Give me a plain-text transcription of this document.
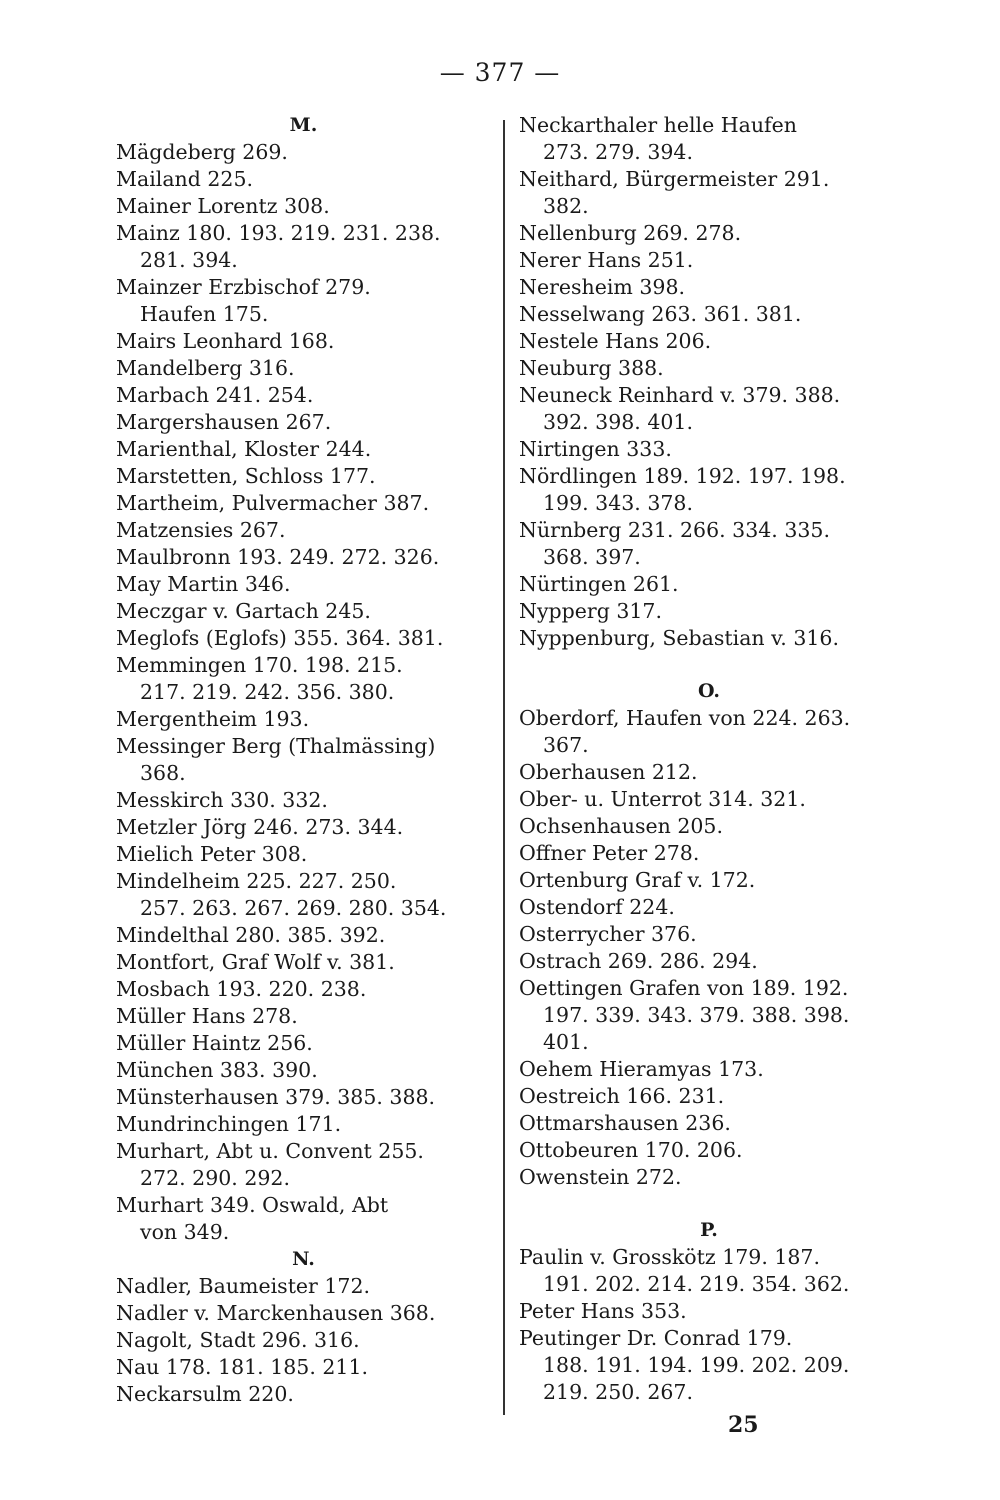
— 377 —
M.
Mägdeberg 269.
Mailand 225.
Mainer Lorentz 308.
Mainz 180. 193. 219. 231. 238.
281. 394.
Mainzer Erzbischof 279.
Haufen 175.
Mairs Leonhard 168.
Mandelberg 316.
Marbach 241. 254.
Margershausen 267.
Marienthal, Kloster 244.
Marstetten, Schloss 177.
Martheim, Pulvermacher 387.
Matzensies 267.
Maulbronn 193. 249. 272. 326.
May Martin 346.
Meczgar v. Gartach 245.
Meglofs (Eglofs) 355. 364. 381.
Memmingen 170. 198. 215.
217. 219. 242. 356. 380.
Mergentheim 193.
Messinger Berg (Thalmässing)
368.
Messkirch 330. 332.
Metzler Jörg 246. 273. 344.
Mielich Peter 308.
Mindelheim 225. 227. 250.
257. 263. 267. 269. 280. 354.
Mindelthal 280. 385. 392.
Montfort, Graf Wolf v. 381.
Mosbach 193. 220. 238.
Müller Hans 278.
Müller Haintz 256.
München 383. 390.
Münsterhausen 379. 385. 388.
Mundrinchingen 171.
Murhart, Abt u. Convent 255.
272. 290. 292.
Murhart 349. Oswald, Abt
von 349.
N.
Nadler, Baumeister 172.
Nadler v. Marckenhausen 368.
Nagolt, Stadt 296. 316.
Nau 178. 181. 185. 211.
Neckarsulm 220.
Neckarthaler helle Haufen
273. 279. 394.
Neithard, Bürgermeister 291.
382.
Nellenburg 269. 278.
Nerer Hans 251.
Neresheim 398.
Nesselwang 263. 361. 381.
Nestele Hans 206.
Neuburg 388.
Neuneck Reinhard v. 379. 388.
392. 398. 401.
Nirtingen 333.
Nördlingen 189. 192. 197. 198.
199. 343. 378.
Nürnberg 231. 266. 334. 335.
368. 397.
Nürtingen 261.
Nypperg 317.
Nyppenburg, Sebastian v. 316.
O.
Oberdorf, Haufen von 224. 263.
367.
Oberhausen 212.
Ober- u. Unterrot 314. 321.
Ochsenhausen 205.
Offner Peter 278.
Ortenburg Graf v. 172.
Ostendorf 224.
Osterrycher 376.
Ostrach 269. 286. 294.
Oettingen Grafen von 189. 192.
197. 339. 343. 379. 388. 398.
401.
Oehem Hieramyas 173.
Oestreich 166. 231.
Ottmarshausen 236.
Ottobeuren 170. 206.
Owenstein 272.
P.
Paulin v. Grosskötz 179. 187.
191. 202. 214. 219. 354. 362.
Peter Hans 353.
Peutinger Dr. Conrad 179.
188. 191. 194. 199. 202. 209.
219. 250. 267.
25
